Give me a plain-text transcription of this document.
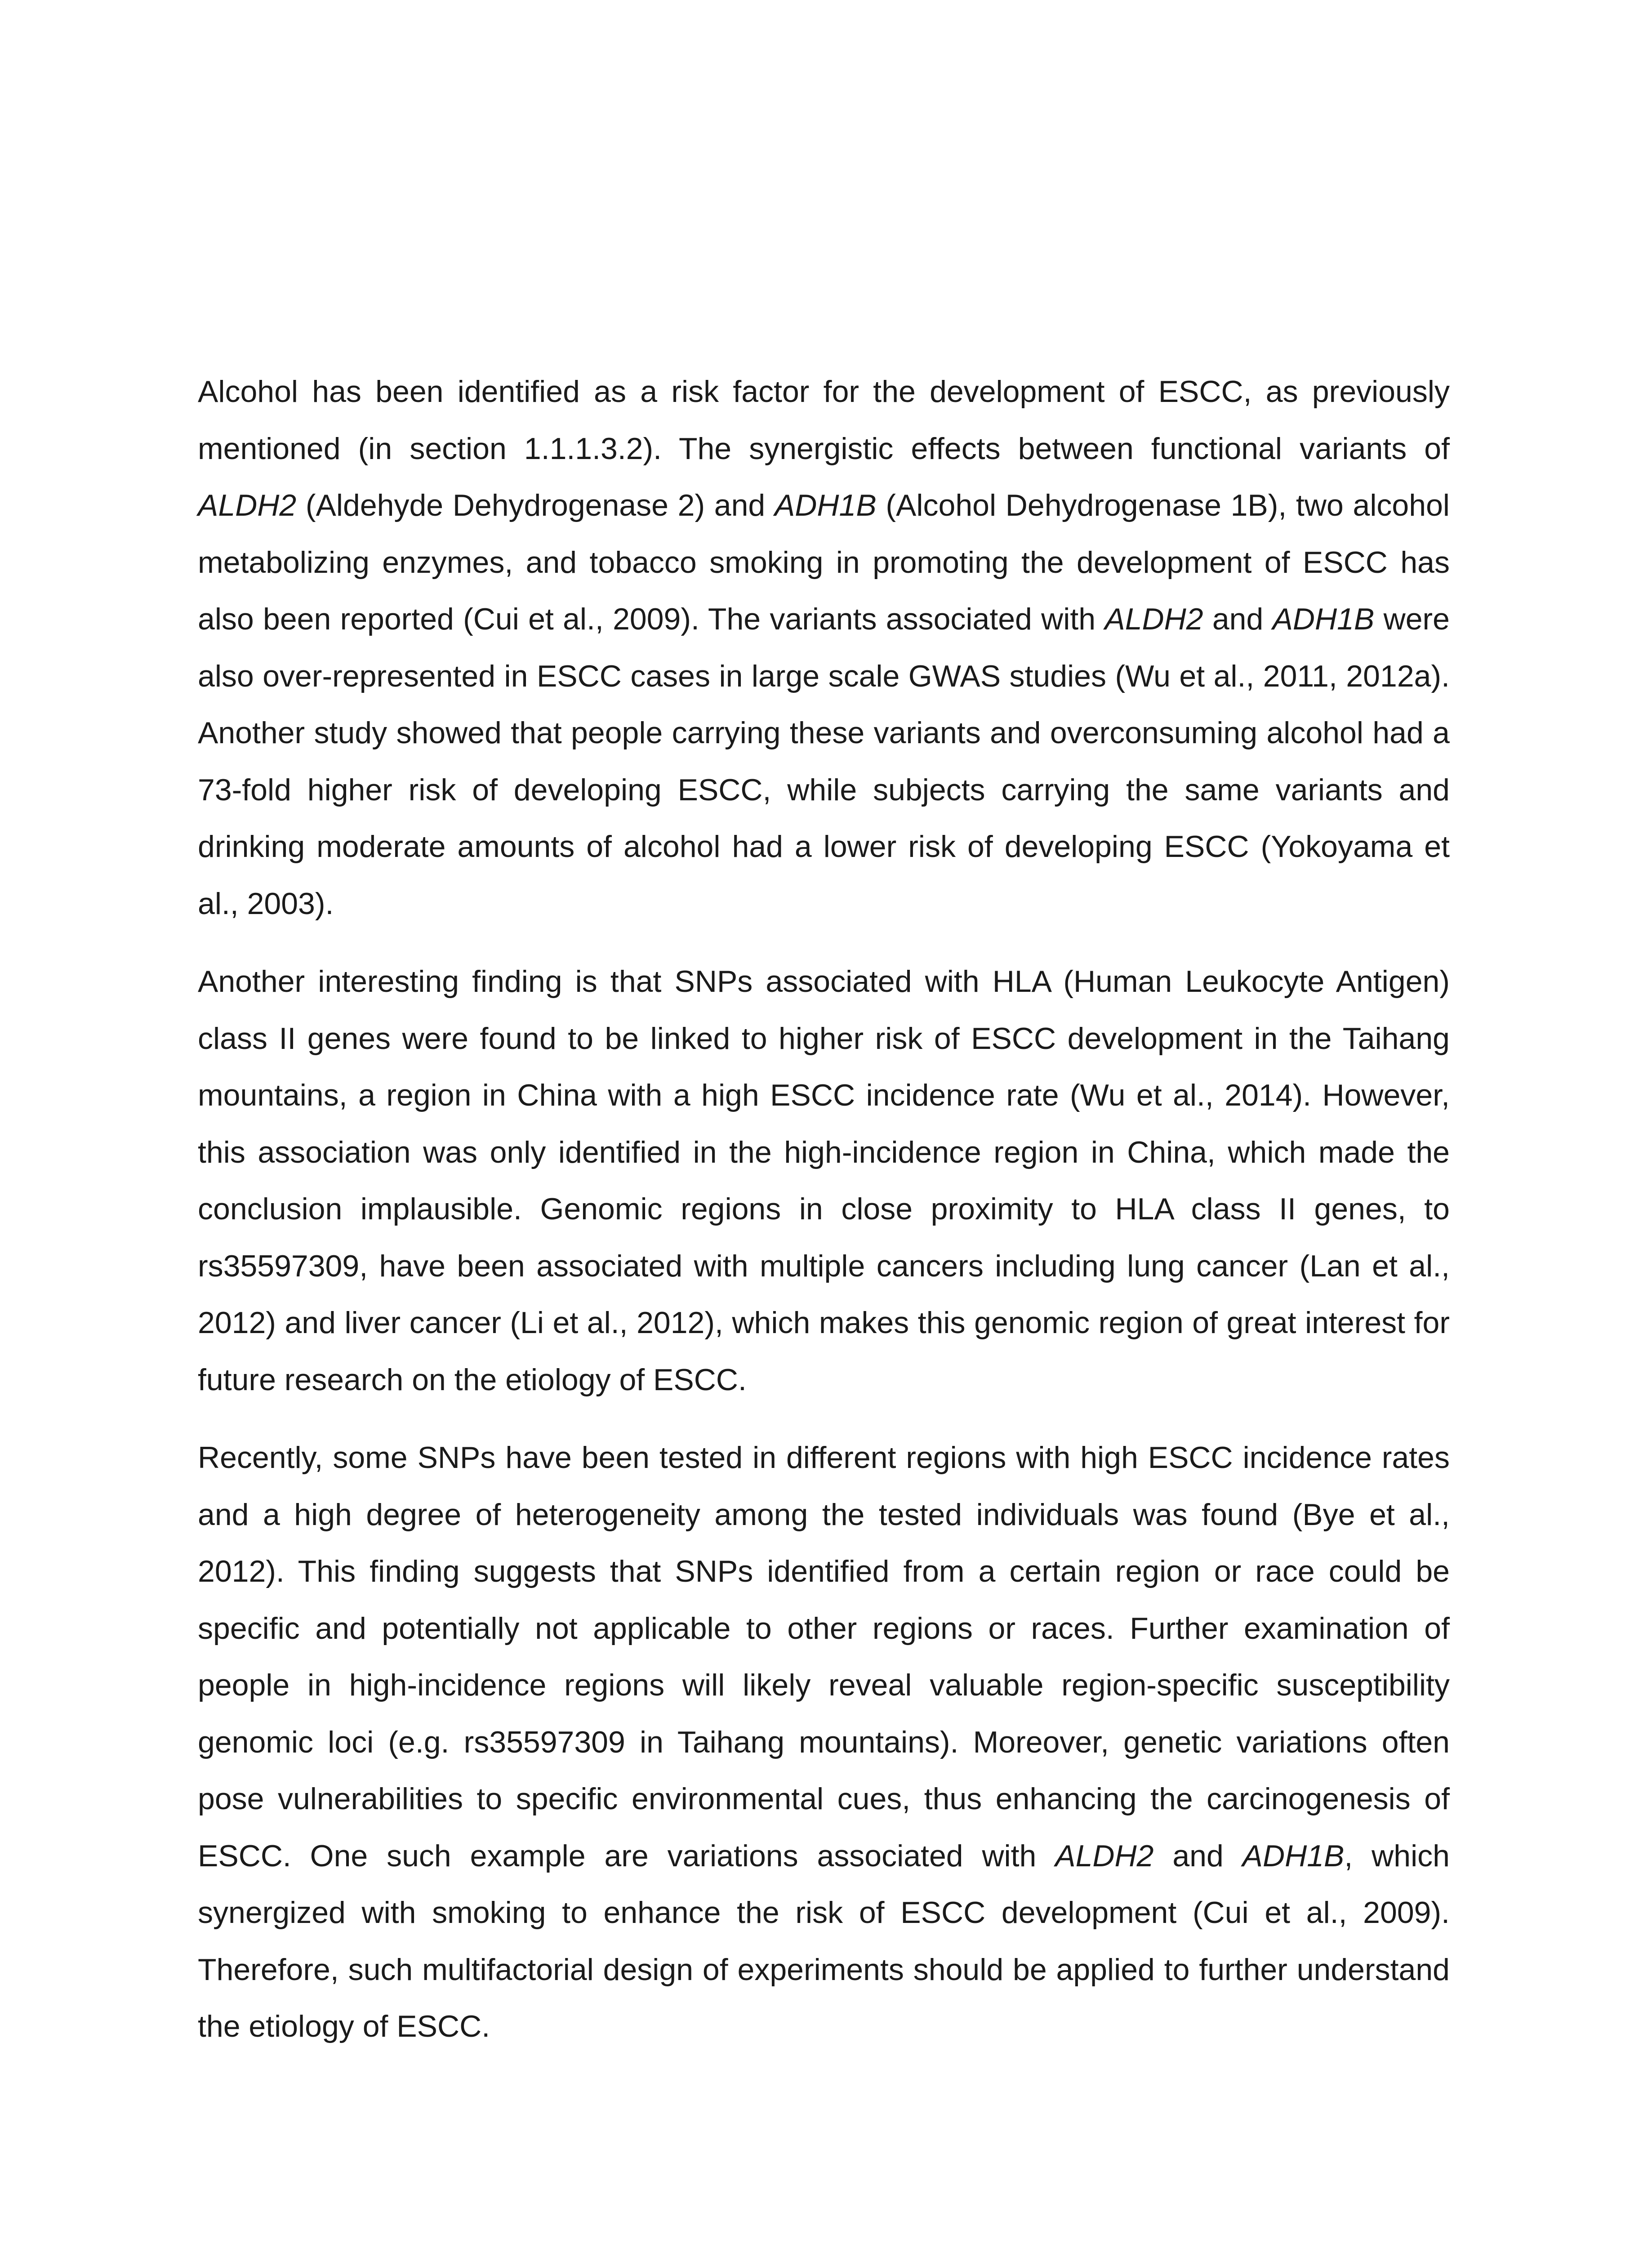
Alcohol has been identified as a risk factor for the development of ESCC, as previously mentioned (in section 1.1.1.3.2). The synergistic effects between functional variants of ALDH2 (Aldehyde Dehydrogenase 2) and ADH1B (Alcohol Dehydrogenase 1B), two alcohol metabolizing enzymes, and tobacco smoking in promoting the development of ESCC has also been reported (Cui et al., 2009). The variants associated with ALDH2 and ADH1B were also over-represented in ESCC cases in large scale GWAS studies (Wu et al., 2011, 2012a). Another study showed that people carrying these variants and overconsuming alcohol had a 73-fold higher risk of developing ESCC, while subjects carrying the same variants and drinking moderate amounts of alcohol had a lower risk of developing ESCC (Yokoyama et al., 2003).

Another interesting finding is that SNPs associated with HLA (Human Leukocyte Antigen) class II genes were found to be linked to higher risk of ESCC development in the Taihang mountains, a region in China with a high ESCC incidence rate (Wu et al., 2014). However, this association was only identified in the high-incidence region in China, which made the conclusion implausible. Genomic regions in close proximity to HLA class II genes, to rs35597309, have been associated with multiple cancers including lung cancer (Lan et al., 2012) and liver cancer (Li et al., 2012), which makes this genomic region of great interest for future research on the etiology of ESCC.

Recently, some SNPs have been tested in different regions with high ESCC incidence rates and a high degree of heterogeneity among the tested individuals was found (Bye et al., 2012). This finding suggests that SNPs identified from a certain region or race could be specific and potentially not applicable to other regions or races. Further examination of people in high-incidence regions will likely reveal valuable region-specific susceptibility genomic loci (e.g. rs35597309 in Taihang mountains). Moreover, genetic variations often pose vulnerabilities to specific environmental cues, thus enhancing the carcinogenesis of ESCC. One such example are variations associated with ALDH2 and ADH1B, which synergized with smoking to enhance the risk of ESCC development (Cui et al., 2009). Therefore, such multifactorial design of experiments should be applied to further understand the etiology of ESCC.
